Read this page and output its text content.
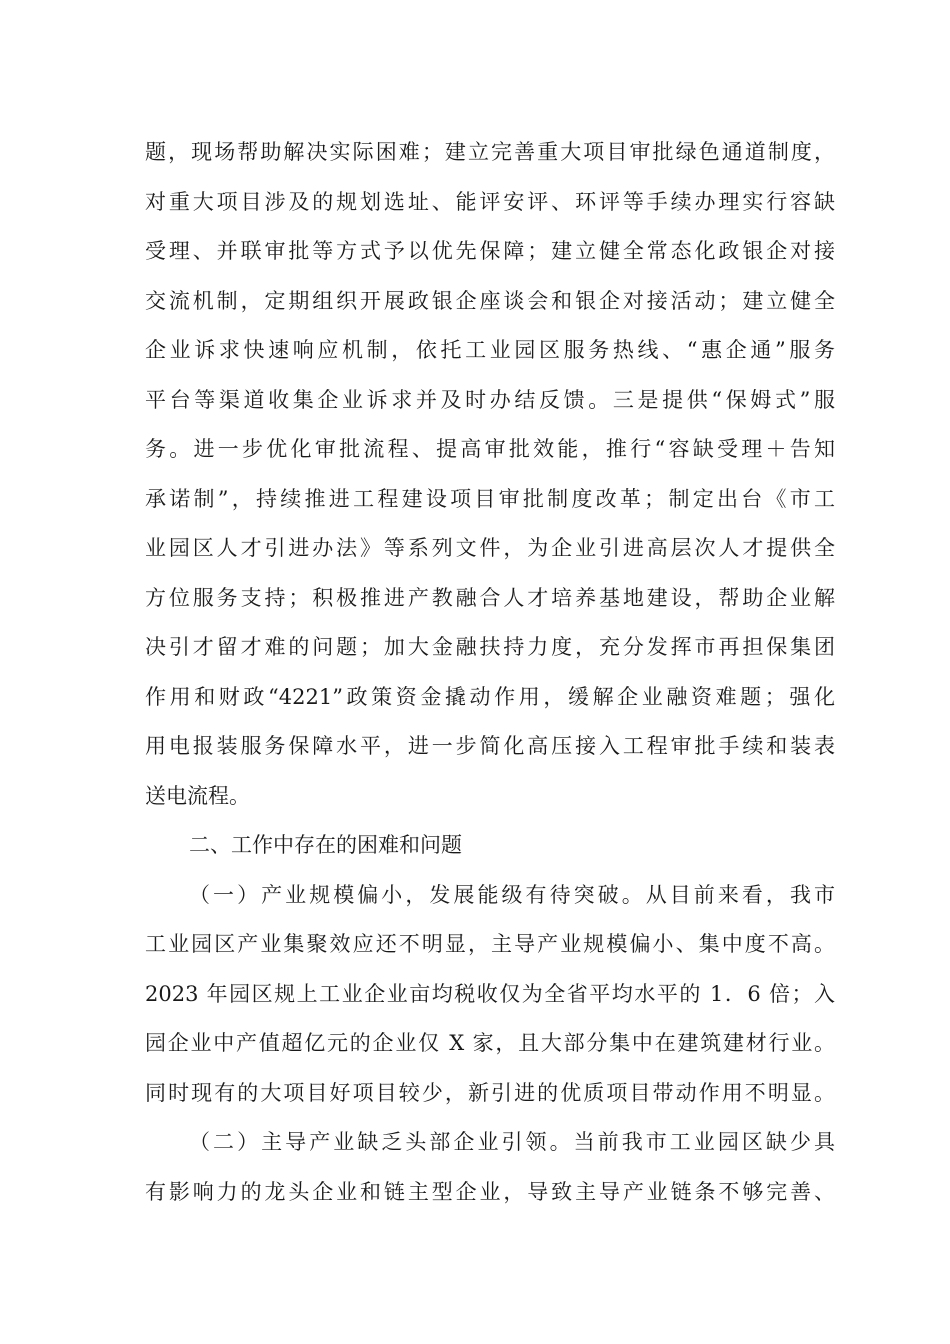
题，现场帮助解决实际困难；建立完善重大项目审批绿色通道制度，
对重大项目涉及的规划选址、能评安评、环评等手续办理实行容缺
受理、并联审批等方式予以优先保障；建立健全常态化政银企对接
交流机制，定期组织开展政银企座谈会和银企对接活动；建立健全
企业诉求快速响应机制，依托工业园区服务热线、“惠企通”服务
平台等渠道收集企业诉求并及时办结反馈。三是提供“保姆式”服
务。进一步优化审批流程、提高审批效能，推行“容缺受理＋告知
承诺制”，持续推进工程建设项目审批制度改革；制定出台《市工
业园区人才引进办法》等系列文件，为企业引进高层次人才提供全
方位服务支持；积极推进产教融合人才培养基地建设，帮助企业解
决引才留才难的问题；加大金融扶持力度，充分发挥市再担保集团
作用和财政“4221”政策资金撬动作用，缓解企业融资难题；强化
用电报装服务保障水平，进一步简化高压接入工程审批手续和装表
送电流程。
二、工作中存在的困难和问题
（一）产业规模偏小，发展能级有待突破。从目前来看，我市
工业园区产业集聚效应还不明显，主导产业规模偏小、集中度不高。
2023 年园区规上工业企业亩均税收仅为全省平均水平的 1．6 倍；入
园企业中产值超亿元的企业仅 X 家，且大部分集中在建筑建材行业。
同时现有的大项目好项目较少，新引进的优质项目带动作用不明显。
（二）主导产业缺乏头部企业引领。当前我市工业园区缺少具
有影响力的龙头企业和链主型企业，导致主导产业链条不够完善、
